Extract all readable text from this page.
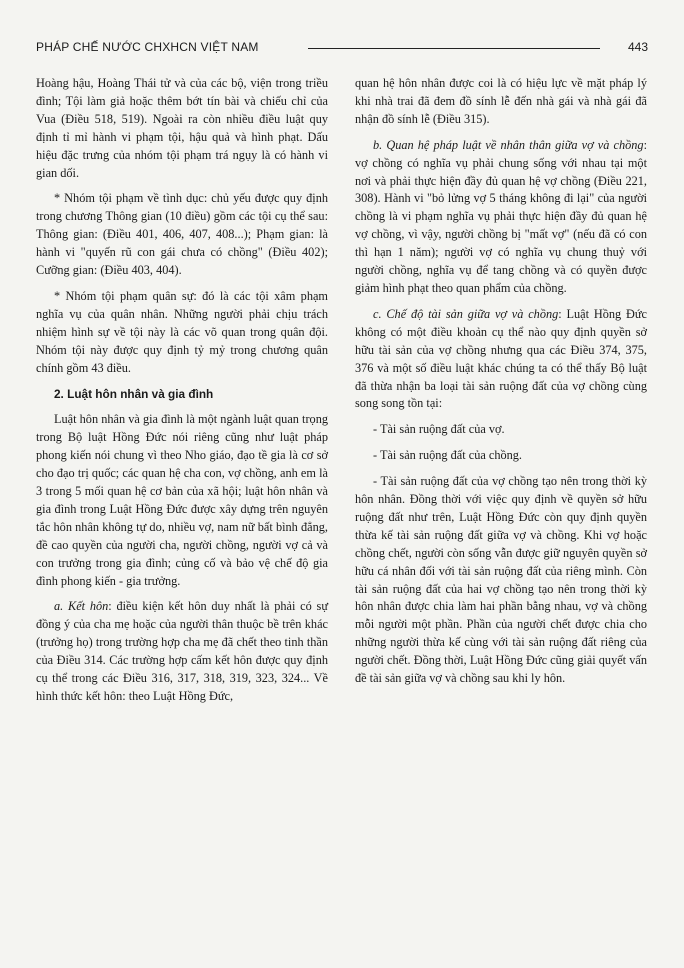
PHÁP CHẾ NƯỚC CHXHCN VIỆT NAM	443

Hoàng hậu, Hoàng Thái tử và của các bộ, viện trong triều đình; Tội làm giả hoặc thêm bớt tín bài và chiếu chỉ của Vua (Điều 518, 519). Ngoài ra còn nhiều điều luật quy định tỉ mỉ hành vi phạm tội, hậu quả và hình phạt. Dấu hiệu đặc trưng của nhóm tội phạm trá ngụy là có hành vi gian dối.

* Nhóm tội phạm về tình dục: chủ yếu được quy định trong chương Thông gian (10 điều) gồm các tội cụ thể sau: Thông gian: (Điều 401, 406, 407, 408...); Phạm gian: là hành vi "quyến rũ con gái chưa có chồng" (Điều 402); Cưỡng gian: (Điều 403, 404).

* Nhóm tội phạm quân sự: đó là các tội xâm phạm nghĩa vụ của quân nhân. Những người phải chịu trách nhiệm hình sự về tội này là các võ quan trong quân đội. Nhóm tội này được quy định tỷ mỷ trong chương quân chính gồm 43 điều.

2. Luật hôn nhân và gia đình

Luật hôn nhân và gia đình là một ngành luật quan trọng trong Bộ luật Hồng Đức nói riêng cũng như luật pháp phong kiến nói chung vì theo Nho giáo, đạo tề gia là cơ sở cho đạo trị quốc; các quan hệ cha con, vợ chồng, anh em là 3 trong 5 mối quan hệ cơ bản của xã hội; luật hôn nhân và gia đình trong Luật Hồng Đức được xây dựng trên nguyên tắc hôn nhân không tự do, nhiều vợ, nam nữ bất bình đẳng, đề cao quyền của người cha, người chồng, người vợ cả và con trưởng trong gia đình; củng cố và bảo vệ chế độ gia đình phong kiến - gia trưởng.

a. Kết hôn: điều kiện kết hôn duy nhất là phải có sự đồng ý của cha mẹ hoặc của người thân thuộc bề trên khác (trưởng họ) trong trường hợp cha mẹ đã chết theo tinh thần của Điều 314. Các trường hợp cấm kết hôn được quy định cụ thể trong các Điều 316, 317, 318, 319, 323, 324... Về hình thức kết hôn: theo Luật Hồng Đức,

quan hệ hôn nhân được coi là có hiệu lực về mặt pháp lý khi nhà trai đã đem đồ sính lễ đến nhà gái và nhà gái đã nhận đồ sính lễ (Điều 315).

b. Quan hệ pháp luật về nhân thân giữa vợ và chồng: vợ chồng có nghĩa vụ phải chung sống với nhau tại một nơi và phải thực hiện đầy đủ quan hệ vợ chồng (Điều 221, 308). Hành vi "bỏ lửng vợ 5 tháng không đi lại" của người chồng là vi phạm nghĩa vụ phải thực hiện đầy đủ quan hệ vợ chồng, vì vậy, người chồng bị "mất vợ" (nếu đã có con thì hạn 1 năm); người vợ có nghĩa vụ chung thuỷ với người chồng, nghĩa vụ để tang chồng và có quyền được giảm hình phạt theo quan phẩm của chồng.

c. Chế độ tài sản giữa vợ và chồng: Luật Hồng Đức không có một điều khoản cụ thể nào quy định quyền sở hữu tài sản của vợ chồng nhưng qua các Điều 374, 375, 376 và một số điều luật khác chúng ta có thể thấy Bộ luật đã thừa nhận ba loại tài sản ruộng đất của vợ chồng cùng song song tồn tại:

- Tài sản ruộng đất của vợ.

- Tài sản ruộng đất của chồng.

- Tài sản ruộng đất của vợ chồng tạo nên trong thời kỳ hôn nhân. Đồng thời với việc quy định về quyền sở hữu ruộng đất như trên, Luật Hồng Đức còn quy định quyền thừa kế tài sản ruộng đất giữa vợ và chồng. Khi vợ hoặc chồng chết, người còn sống vẫn được giữ nguyên quyền sở hữu cá nhân đối với tài sản ruộng đất của riêng mình. Còn tài sản ruộng đất của hai vợ chồng tạo nên trong thời kỳ hôn nhân được chia làm hai phần bằng nhau, vợ và chồng mỗi người một phần. Phần của người chết được chia cho những người thừa kế cùng với tài sản ruộng đất riêng của người chết. Đồng thời, Luật Hồng Đức cũng giải quyết vấn đề tài sản giữa vợ và chồng sau khi ly hôn.
